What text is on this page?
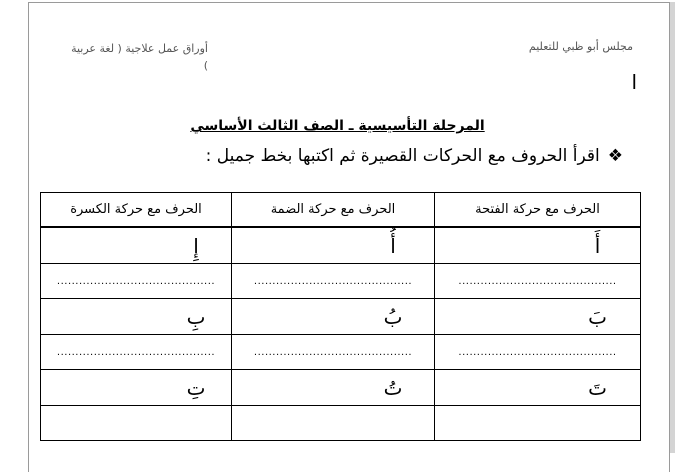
مجلس أبو ظبي للتعليم
أوراق عمل علاجية ( لغة عربية
)
ا
المرحلة التأسيسية ـ الصف الثالث الأساسي
❖
اقرأ الحروف مع الحركات القصيرة ثم اكتبها بخط جميل :
الحرف مع حركة الفتحة	الحرف مع حركة الضمة	الحرف مع حركة الكسرة

أَ	أُ	إِ
...........................................	...........................................	...........................................
بَ	بُ	بِ
...........................................	...........................................	...........................................
تَ	تُ	تِ
